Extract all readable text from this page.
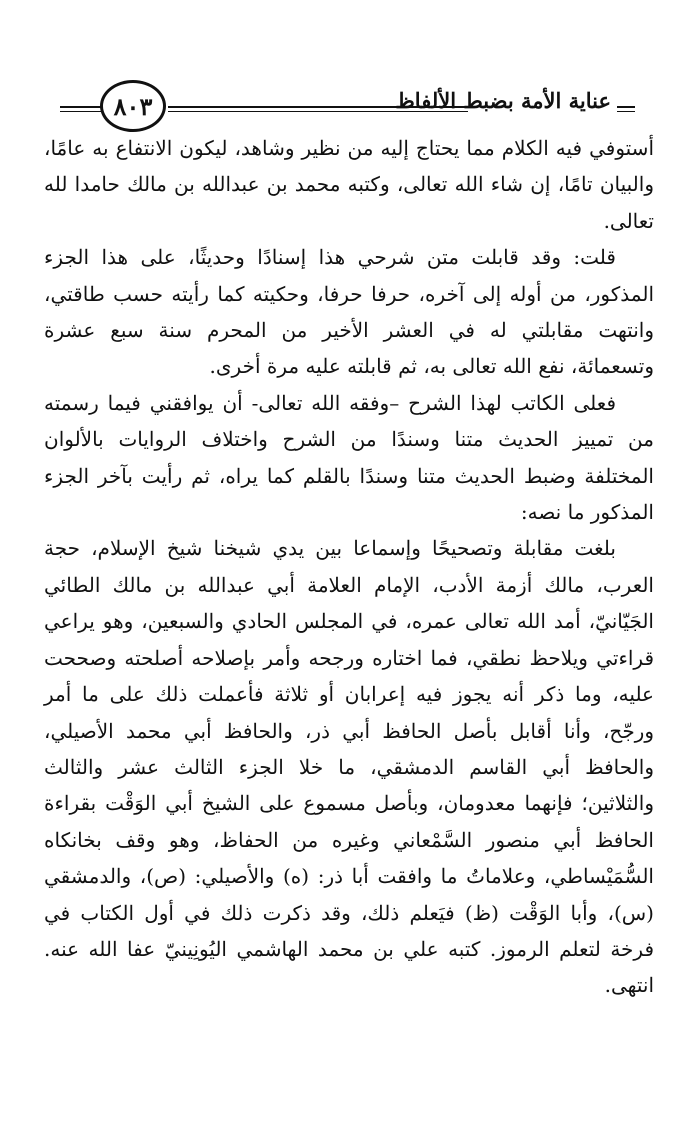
عناية الأمة بضبط الألفاظ
٨٠٣

أستوفي فيه الكلام مما يحتاج إليه من نظير وشاهد، ليكون الانتفاع به عامًا، والبيان تامًا، إن شاء الله تعالى، وكتبه محمد بن عبدالله بن مالك حامدا لله تعالى.

قلت: وقد قابلت متن شرحي هذا إسنادًا وحديثًا، على هذا الجزء المذكور، من أوله إلى آخره، حرفا حرفا، وحكيته كما رأيته حسب طاقتي، وانتهت مقابلتي له في العشر الأخير من المحرم سنة سبع عشرة وتسعمائة، نفع الله تعالى به، ثم قابلته عليه مرة أخرى.

فعلى الكاتب لهذا الشرح –وفقه الله تعالى- أن يوافقني فيما رسمته من تمييز الحديث متنا وسندًا من الشرح واختلاف الروايات بالألوان المختلفة وضبط الحديث متنا وسندًا بالقلم كما يراه، ثم رأيت بآخر الجزء المذكور ما نصه:

بلغت مقابلة وتصحيحًا وإسماعا بين يدي شيخنا شيخ الإسلام، حجة العرب، مالك أزمة الأدب، الإمام العلامة أبي عبدالله بن مالك الطائي الجَيّانيّ، أمد الله تعالى عمره، في المجلس الحادي والسبعين، وهو يراعي قراءتي ويلاحظ نطقي، فما اختاره ورجحه وأمر بإصلاحه أصلحته وصححت عليه، وما ذكر أنه يجوز فيه إعرابان أو ثلاثة فأعملت ذلك على ما أمر ورجّح، وأنا أقابل بأصل الحافظ أبي ذر، والحافظ أبي محمد الأصيلي، والحافظ أبي القاسم الدمشقي، ما خلا الجزء الثالث عشر والثالث والثلاثين؛ فإنهما معدومان، وبأصل مسموع على الشيخ أبي الوَقْت بقراءة الحافظ أبي منصور السَّمْعاني وغيره من الحفاظ، وهو وقف بخانكاه السُّمَيْساطي، وعلاماتُ ما وافقت أبا ذر: (ه) والأصيلي: (ص)، والدمشقي (س)، وأبا الوَقْت (ظ) فيَعلم ذلك، وقد ذكرت ذلك في أول الكتاب في فرخة لتعلم الرموز. كتبه علي بن محمد الهاشمي اليُونِينيّ عفا الله عنه. انتهى.
